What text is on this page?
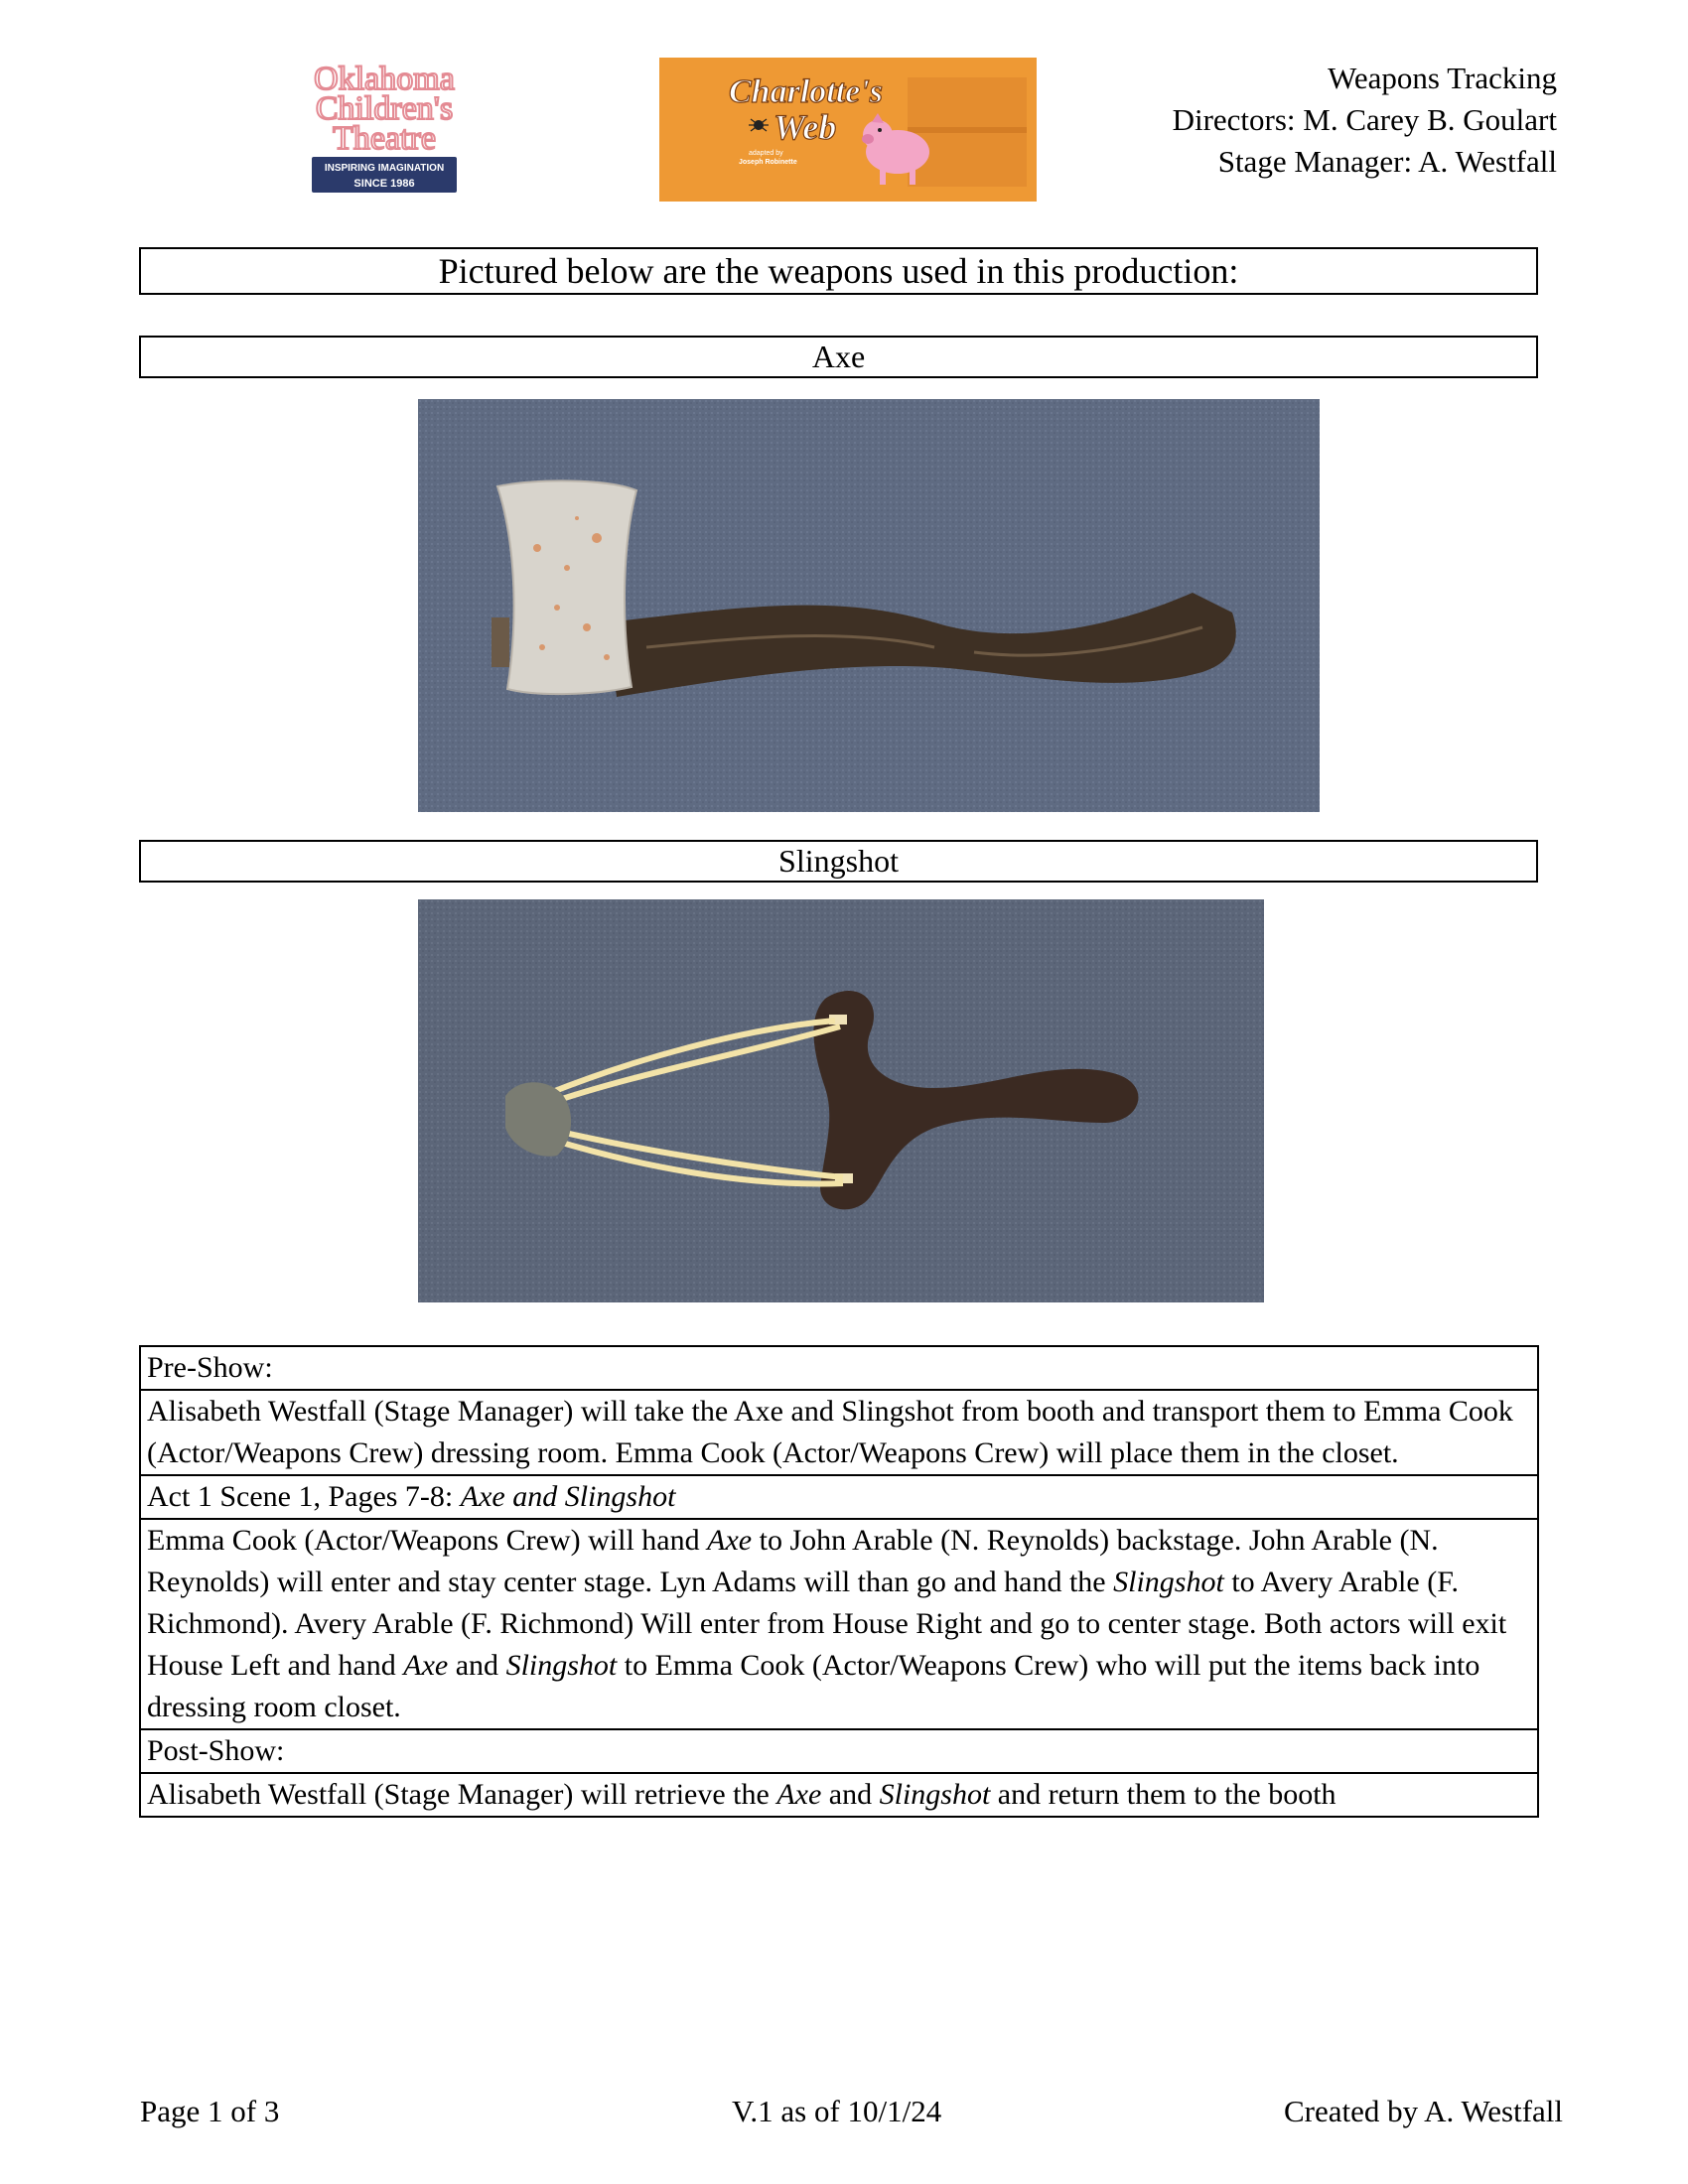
Oklahoma
Children's
Theatre
INSPIRING IMAGINATION
SINCE 1986
Charlotte's
Web
adapted by
Joseph Robinette
Weapons Tracking
Directors: M. Carey B. Goulart
Stage Manager: A. Westfall
Pictured below are the weapons used in this production:
Axe
Slingshot
Pre-Show:
Alisabeth Westfall (Stage Manager) will take the Axe and Slingshot from booth and transport them to Emma Cook (Actor/Weapons Crew) dressing room. Emma Cook (Actor/Weapons Crew) will place them in the closet.
Act 1 Scene 1, Pages 7-8: Axe and Slingshot
Emma Cook (Actor/Weapons Crew) will hand Axe to John Arable (N. Reynolds) backstage. John Arable (N. Reynolds) will enter and stay center stage. Lyn Adams will than go and hand the Slingshot to Avery Arable (F. Richmond). Avery Arable (F. Richmond) Will enter from House Right and go to center stage. Both actors will exit House Left and hand Axe and Slingshot to Emma Cook (Actor/Weapons Crew) who will put the items back into dressing room closet.
Post-Show:
Alisabeth Westfall (Stage Manager) will retrieve the Axe and Slingshot and return them to the booth
Page 1 of 3	V.1 as of 10/1/24	Created by A. Westfall
